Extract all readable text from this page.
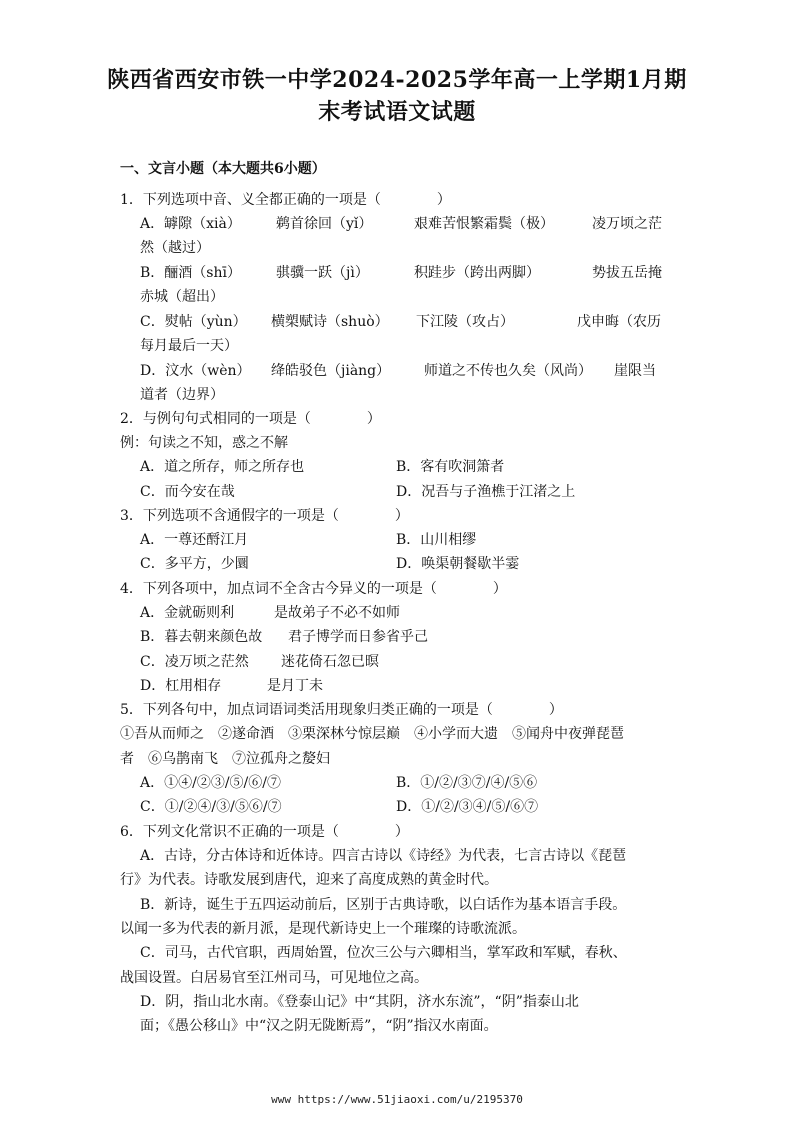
陕西省西安市铁一中学2024-2025学年高一上学期1月期
末考试语文试题
一、文言小题（本大题共6小题）
1．下列选项中音、义全都正确的一项是（　　　　）
A．罅隙（xià）	鹈首徐回（yǐ）	艰难苦恨繁霜鬓（极）	凌万顷之茫
然（越过）
B．酾酒（shī）	骐骥一跃（jì）	积跬步（跨出两脚）	势拔五岳掩
赤城（超出）
C．熨帖（yùn） 横槊赋诗（shuò） 下江陵（攻占）	戊申晦（农历
每月最后一天）
D．汶水（wèn） 绛皓驳色（jiàng） 师道之不传也久矣（风尚） 崖限当
道者（边界）
2．与例句句式相同的一项是（　　　　）
例：句读之不知，惑之不解
A．道之所存，师之所存也	B．客有吹洞箫者
C．而今安在哉	D．况吾与子渔樵于江渚之上
3．下列选项不含通假字的一项是（　　　　）
A．一尊还酹江月	B．山川相缪
C．多平方，少圜	D．唤渠朝餐歇半霎
4．下列各项中，加点词不全含古今异义的一项是（　　　　）
A．金就砺则利	是故弟子不必不如师
B．暮去朝来颜色故 君子博学而日参省乎己
C．凌万顷之茫然 迷花倚石忽已暝
D．杠用相存	是月丁未
5．下列各句中，加点词语词类活用现象归类正确的一项是（　　　　）
①吾从而师之　②遂命酒　③栗深林兮惊层巅　④小学而大遗　⑤闻舟中夜弹琵琶
者　⑥乌鹊南飞　⑦泣孤舟之嫠妇
A．①④/②③/⑤/⑥/⑦	B．①/②/③⑦/④/⑤⑥
C．①/②④/③/⑤⑥/⑦	D．①/②/③④/⑤/⑥⑦
6．下列文化常识不正确的一项是（　　　　）
A．古诗，分古体诗和近体诗。四言古诗以《诗经》为代表，七言古诗以《琵琶
行》为代表。诗歌发展到唐代，迎来了高度成熟的黄金时代。
B．新诗，诞生于五四运动前后，区别于古典诗歌，以白话作为基本语言手段。
以闻一多为代表的新月派，是现代新诗史上一个璀璨的诗歌流派。
C．司马，古代官职，西周始置，位次三公与六卿相当，掌军政和军赋，春秋、
战国设置。白居易官至江州司马，可见地位之高。
D．阴，指山北水南。《登泰山记》中“其阴，济水东流”，“阴”指泰山北
面；《愚公移山》中“汉之阴无陇断焉”，“阴”指汉水南面。
www https://www.51jiaoxi.com/u/2195370
